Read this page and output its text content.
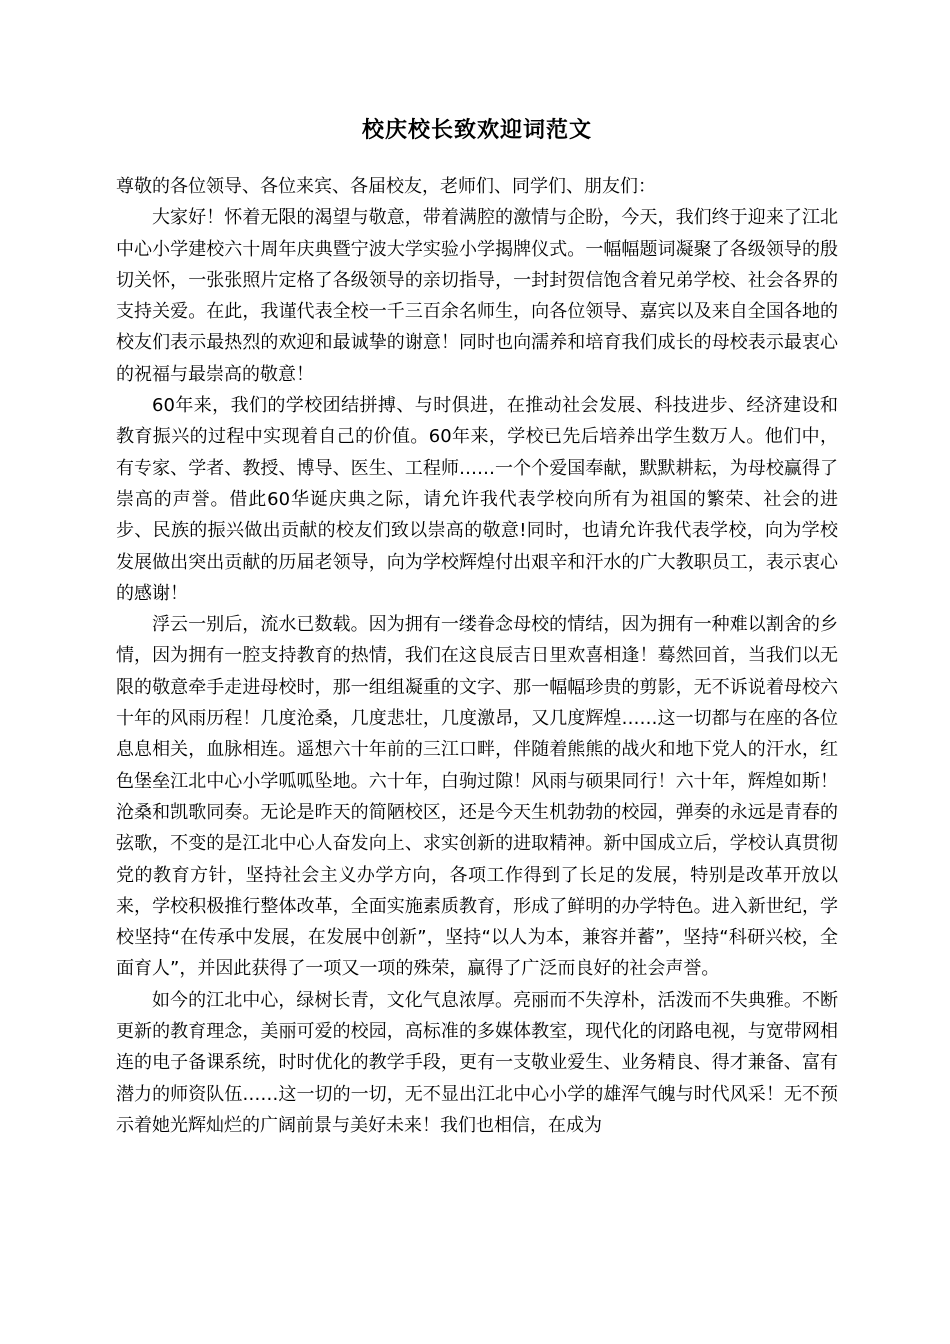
校庆校长致欢迎词范文

尊敬的各位领导、各位来宾、各届校友，老师们、同学们、朋友们：

大家好！怀着无限的渴望与敬意，带着满腔的激情与企盼，今天，我们终于迎来了江北中心小学建校六十周年庆典暨宁波大学实验小学揭牌仪式。一幅幅题词凝聚了各级领导的殷切关怀，一张张照片定格了各级领导的亲切指导，一封封贺信饱含着兄弟学校、社会各界的支持关爱。在此，我谨代表全校一千三百余名师生，向各位领导、嘉宾以及来自全国各地的校友们表示最热烈的欢迎和最诚挚的谢意！同时也向濡养和培育我们成长的母校表示最衷心的祝福与最崇高的敬意！

60年来，我们的学校团结拼搏、与时俱进，在推动社会发展、科技进步、经济建设和教育振兴的过程中实现着自己的价值。60年来，学校已先后培养出学生数万人。他们中，有专家、学者、教授、博导、医生、工程师……一个个爱国奉献，默默耕耘，为母校赢得了崇高的声誉。借此60华诞庆典之际，请允许我代表学校向所有为祖国的繁荣、社会的进步、民族的振兴做出贡献的校友们致以崇高的敬意!同时，也请允许我代表学校，向为学校发展做出突出贡献的历届老领导，向为学校辉煌付出艰辛和汗水的广大教职员工，表示衷心的感谢！

浮云一别后，流水已数载。因为拥有一缕眷念母校的情结，因为拥有一种难以割舍的乡情，因为拥有一腔支持教育的热情，我们在这良辰吉日里欢喜相逢！蓦然回首，当我们以无限的敬意牵手走进母校时，那一组组凝重的文字、那一幅幅珍贵的剪影，无不诉说着母校六十年的风雨历程！几度沧桑，几度悲壮，几度激昂，又几度辉煌……这一切都与在座的各位息息相关，血脉相连。遥想六十年前的三江口畔，伴随着熊熊的战火和地下党人的汗水，红色堡垒江北中心小学呱呱坠地。六十年，白驹过隙！风雨与硕果同行！六十年，辉煌如斯！沧桑和凯歌同奏。无论是昨天的简陋校区，还是今天生机勃勃的校园，弹奏的永远是青春的弦歌，不变的是江北中心人奋发向上、求实创新的进取精神。新中国成立后，学校认真贯彻党的教育方针，坚持社会主义办学方向，各项工作得到了长足的发展，特别是改革开放以来，学校积极推行整体改革，全面实施素质教育，形成了鲜明的办学特色。进入新世纪，学校坚持“在传承中发展，在发展中创新”，坚持“以人为本，兼容并蓄”，坚持“科研兴校，全面育人”，并因此获得了一项又一项的殊荣，赢得了广泛而良好的社会声誉。

如今的江北中心，绿树长青，文化气息浓厚。亮丽而不失淳朴，活泼而不失典雅。不断更新的教育理念，美丽可爱的校园，高标准的多媒体教室，现代化的闭路电视，与宽带网相连的电子备课系统，时时优化的教学手段，更有一支敬业爱生、业务精良、得才兼备、富有潜力的师资队伍……这一切的一切，无不显出江北中心小学的雄浑气魄与时代风采！无不预示着她光辉灿烂的广阔前景与美好未来！我们也相信，在成为
